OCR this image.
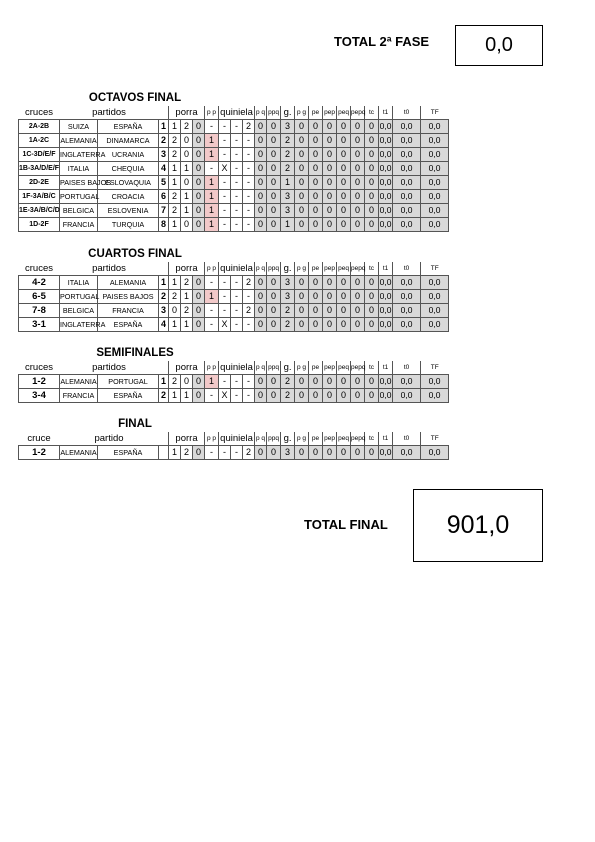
TOTAL 2ª FASE	0,0
OCTAVOS FINAL
cruces	partidos			porra			p p	quiniela			p q	ppq	g.	p g	pe	pep	peq	pepq	tc	t1	t0	TF
2A-2B	SUIZA	ESPAÑA	1	1	2	0	-	-	-	2	0	0	3	0	0	0	0	0	0	0,0	0,0	0,0
1A-2C	ALEMANIA	DINAMARCA	2	2	0	0	1	-	-	-	0	0	2	0	0	0	0	0	0	0,0	0,0	0,0
1C-3D/E/F	INGLATERRA	UCRANIA	3	2	0	0	1	-	-	-	0	0	2	0	0	0	0	0	0	0,0	0,0	0,0
1B-3A/D/E/F	ITALIA	CHEQUIA	4	1	1	0	-	X	-	-	0	0	2	0	0	0	0	0	0	0,0	0,0	0,0
2D-2E	PAISES BAJOS	ESLOVAQUIA	5	1	0	0	1	-	-	-	0	0	1	0	0	0	0	0	0	0,0	0,0	0,0
1F-3A/B/C	PORTUGAL	CROACIA	6	2	1	0	1	-	-	-	0	0	3	0	0	0	0	0	0	0,0	0,0	0,0
1E-3A/B/C/D	BELGICA	ESLOVENIA	7	2	1	0	1	-	-	-	0	0	3	0	0	0	0	0	0	0,0	0,0	0,0
1D-2F	FRANCIA	TURQUIA	8	1	0	0	1	-	-	-	0	0	1	0	0	0	0	0	0	0,0	0,0	0,0
CUARTOS FINAL
cruces	partidos			porra			p p	quiniela			p q	ppq	g.	p g	pe	pep	peq	pepq	tc	t1	t0	TF
4-2	ITALIA	ALEMANIA	1	1	2	0	-	-	-	2	0	0	3	0	0	0	0	0	0	0,0	0,0	0,0
6-5	PORTUGAL	PAISES BAJOS	2	2	1	0	1	-	-	-	0	0	3	0	0	0	0	0	0	0,0	0,0	0,0
7-8	BELGICA	FRANCIA	3	0	2	0	-	-	-	2	0	0	2	0	0	0	0	0	0	0,0	0,0	0,0
3-1	INGLATERRA	ESPAÑA	4	1	1	0	-	X	-	-	0	0	2	0	0	0	0	0	0	0,0	0,0	0,0
SEMIFINALES
cruces	partidos			porra			p p	quiniela			p q	ppq	g.	p g	pe	pep	peq	pepq	tc	t1	t0	TF
1-2	ALEMANIA	PORTUGAL	1	2	0	0	1	-	-	-	0	0	2	0	0	0	0	0	0	0,0	0,0	0,0
3-4	FRANCIA	ESPAÑA	2	1	1	0	-	X	-	-	0	0	2	0	0	0	0	0	0	0,0	0,0	0,0
FINAL
cruce	partido			porra			p p	quiniela			p q	ppq	g.	p g	pe	pep	peq	pepq	tc	t1	t0	TF
1-2	ALEMANIA	ESPAÑA		1	2	0	-	-	-	2	0	0	3	0	0	0	0	0	0	0,0	0,0	0,0
TOTAL FINAL 901,0
